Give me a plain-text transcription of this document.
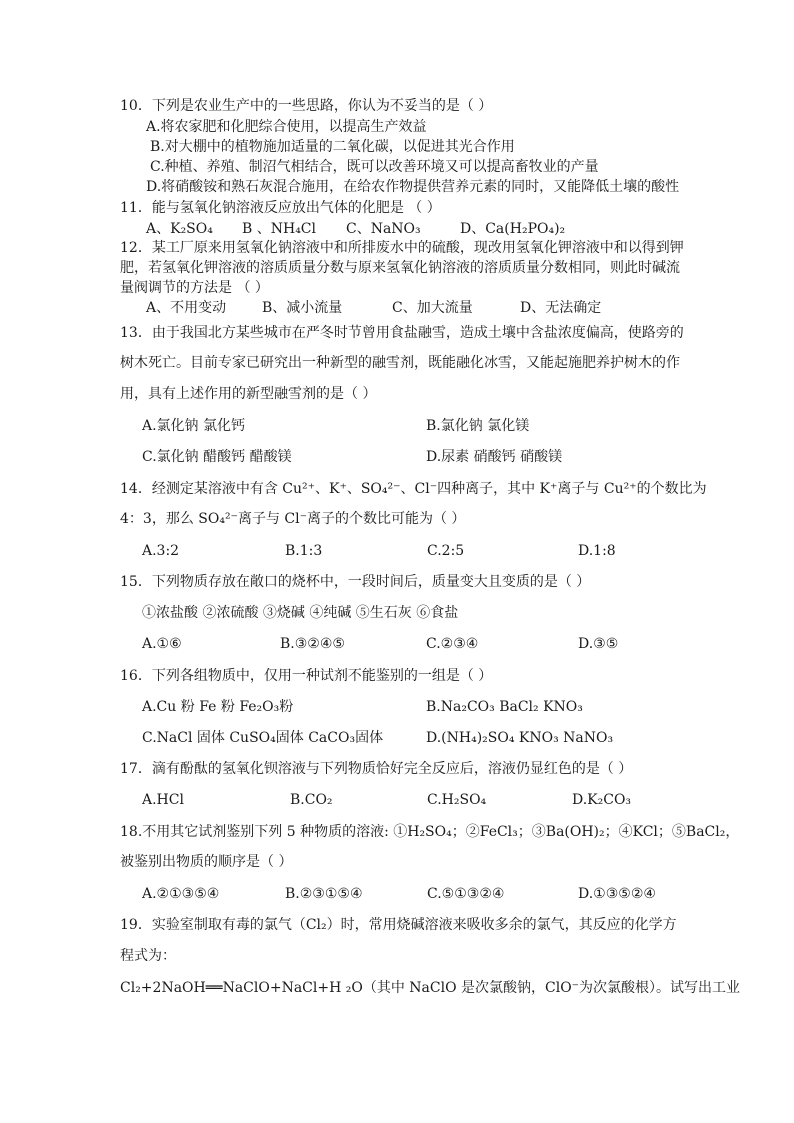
10．下列是农业生产中的一些思路，你认为不妥当的是（ ）
A.将农家肥和化肥综合使用，以提高生产效益
B.对大棚中的植物施加适量的二氧化碳，以促进其光合作用
C.种植、养殖、制沼气相结合，既可以改善环境又可以提高畜牧业的产量
D.将硝酸铵和熟石灰混合施用，在给农作物提供营养元素的同时，又能降低土壤的酸性
11．能与氢氧化钠溶液反应放出气体的化肥是 （ ）
A、K₂SO₄ B 、NH₄Cl C、NaNO₃	D、Ca(H₂PO₄)₂
12．某工厂原来用氢氧化钠溶液中和所排废水中的硫酸，现改用氢氧化钾溶液中和以得到钾
肥，若氢氧化钾溶液的溶质质量分数与原来氢氧化钠溶液的溶质质量分数相同，则此时碱流
量阀调节的方法是 （ ）
A、不用变动	B、减小流量	C、加大流量	D、无法确定
13．由于我国北方某些城市在严冬时节曾用食盐融雪，造成土壤中含盐浓度偏高，使路旁的
树木死亡。目前专家已研究出一种新型的融雪剂，既能融化冰雪，又能起施肥养护树木的作
用，具有上述作用的新型融雪剂的是（ ）
A.氯化钠 氯化钙	B.氯化钠 氯化镁
C.氯化钠 醋酸钙 醋酸镁	D.尿素 硝酸钙 硝酸镁
14．经测定某溶液中有含 Cu²⁺、K⁺、SO₄²⁻、Cl⁻四种离子，其中 K⁺离子与 Cu²⁺的个数比为
4：3，那么 SO₄²⁻离子与 Cl⁻离子的个数比可能为（ ）
A.3:2	B.1:3	C.2:5	D.1:8
15．下列物质存放在敞口的烧杯中，一段时间后，质量变大且变质的是（ ）
①浓盐酸 ②浓硫酸 ③烧碱 ④纯碱 ⑤生石灰 ⑥食盐
A.①⑥	B.③②④⑤	C.②③④	D.③⑤
16．下列各组物质中，仅用一种试剂不能鉴别的一组是（ ）
A.Cu 粉 Fe 粉 Fe₂O₃粉	B.Na₂CO₃ BaCl₂ KNO₃
C.NaCl 固体 CuSO₄固体 CaCO₃固体	D.(NH₄)₂SO₄ KNO₃ NaNO₃
17．滴有酚酞的氢氧化钡溶液与下列物质恰好完全反应后，溶液仍显红色的是（ ）
A.HCl	B.CO₂	C.H₂SO₄	D.K₂CO₃
18.不用其它试剂鉴别下列 5 种物质的溶液: ①H₂SO₄；②FeCl₃；③Ba(OH)₂；④KCl；⑤BaCl₂，
被鉴别出物质的顺序是（ ）
A.②①③⑤④	B.②③①⑤④	C.⑤①③②④	D.①③⑤②④
19．实验室制取有毒的氯气（Cl₂）时，常用烧碱溶液来吸收多余的氯气，其反应的化学方
程式为：
Cl₂+2NaOH══NaClO+NaCl+H ₂O（其中 NaClO 是次氯酸钠，ClO⁻为次氯酸根）。试写出工业
